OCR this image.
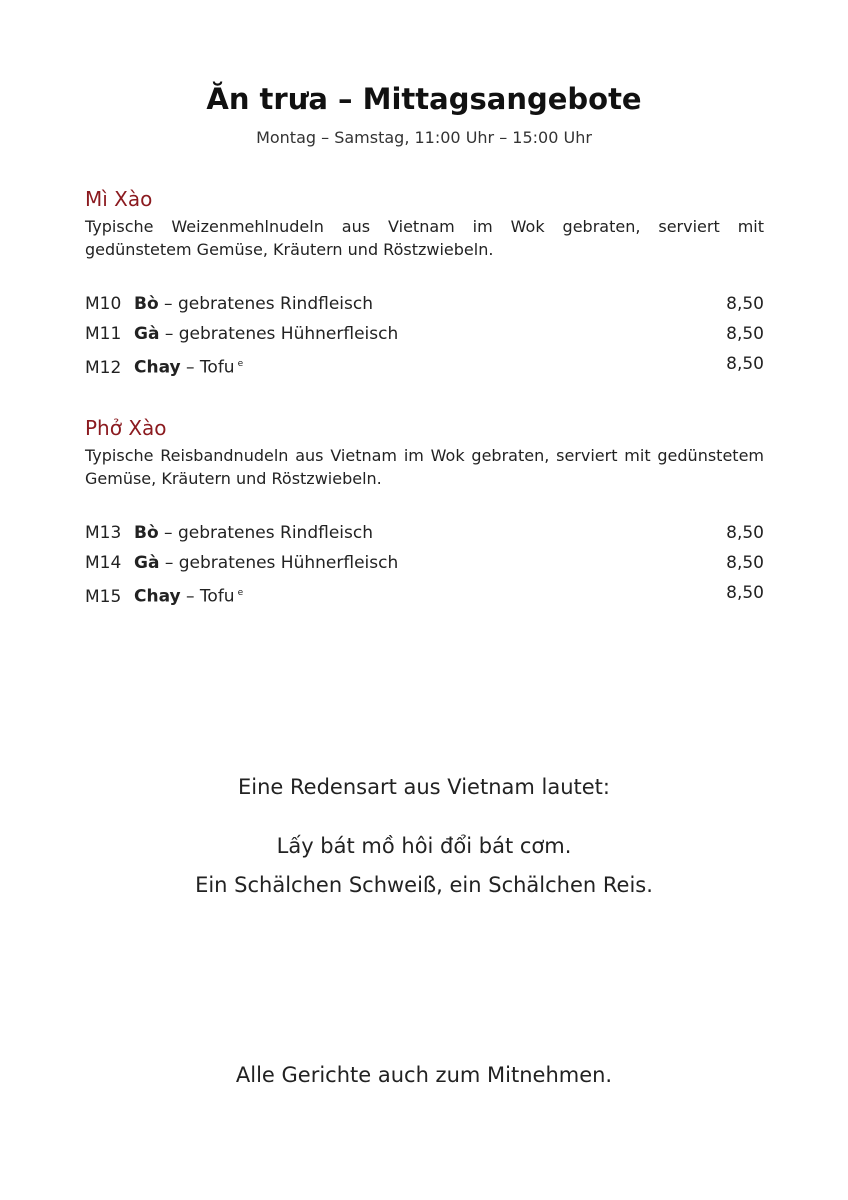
Ăn trưa – Mittagsangebote
Montag – Samstag, 11:00 Uhr – 15:00 Uhr
Mì Xào
Typische Weizenmehlnudeln aus Vietnam im Wok gebraten, serviert mit gedünstetem Gemüse, Kräutern und Röstzwiebeln.
M10 Bò – gebratenes Rindfleisch	8,50
M11 Gà – gebratenes Hühnerfleisch	8,50
M12 Chay – Tofu $^e$	8,50
Phở Xào
Typische Reisbandnudeln aus Vietnam im Wok gebraten, serviert mit gedünstetem Gemüse, Kräutern und Röstzwiebeln.
M13 Bò – gebratenes Rindfleisch	8,50
M14 Gà – gebratenes Hühnerfleisch	8,50
M15 Chay – Tofu $^e$	8,50
Eine Redensart aus Vietnam lautet:
Lấy bát mồ hôi đổi bát cơm.
Ein Schälchen Schweiß, ein Schälchen Reis.
Alle Gerichte auch zum Mitnehmen.
